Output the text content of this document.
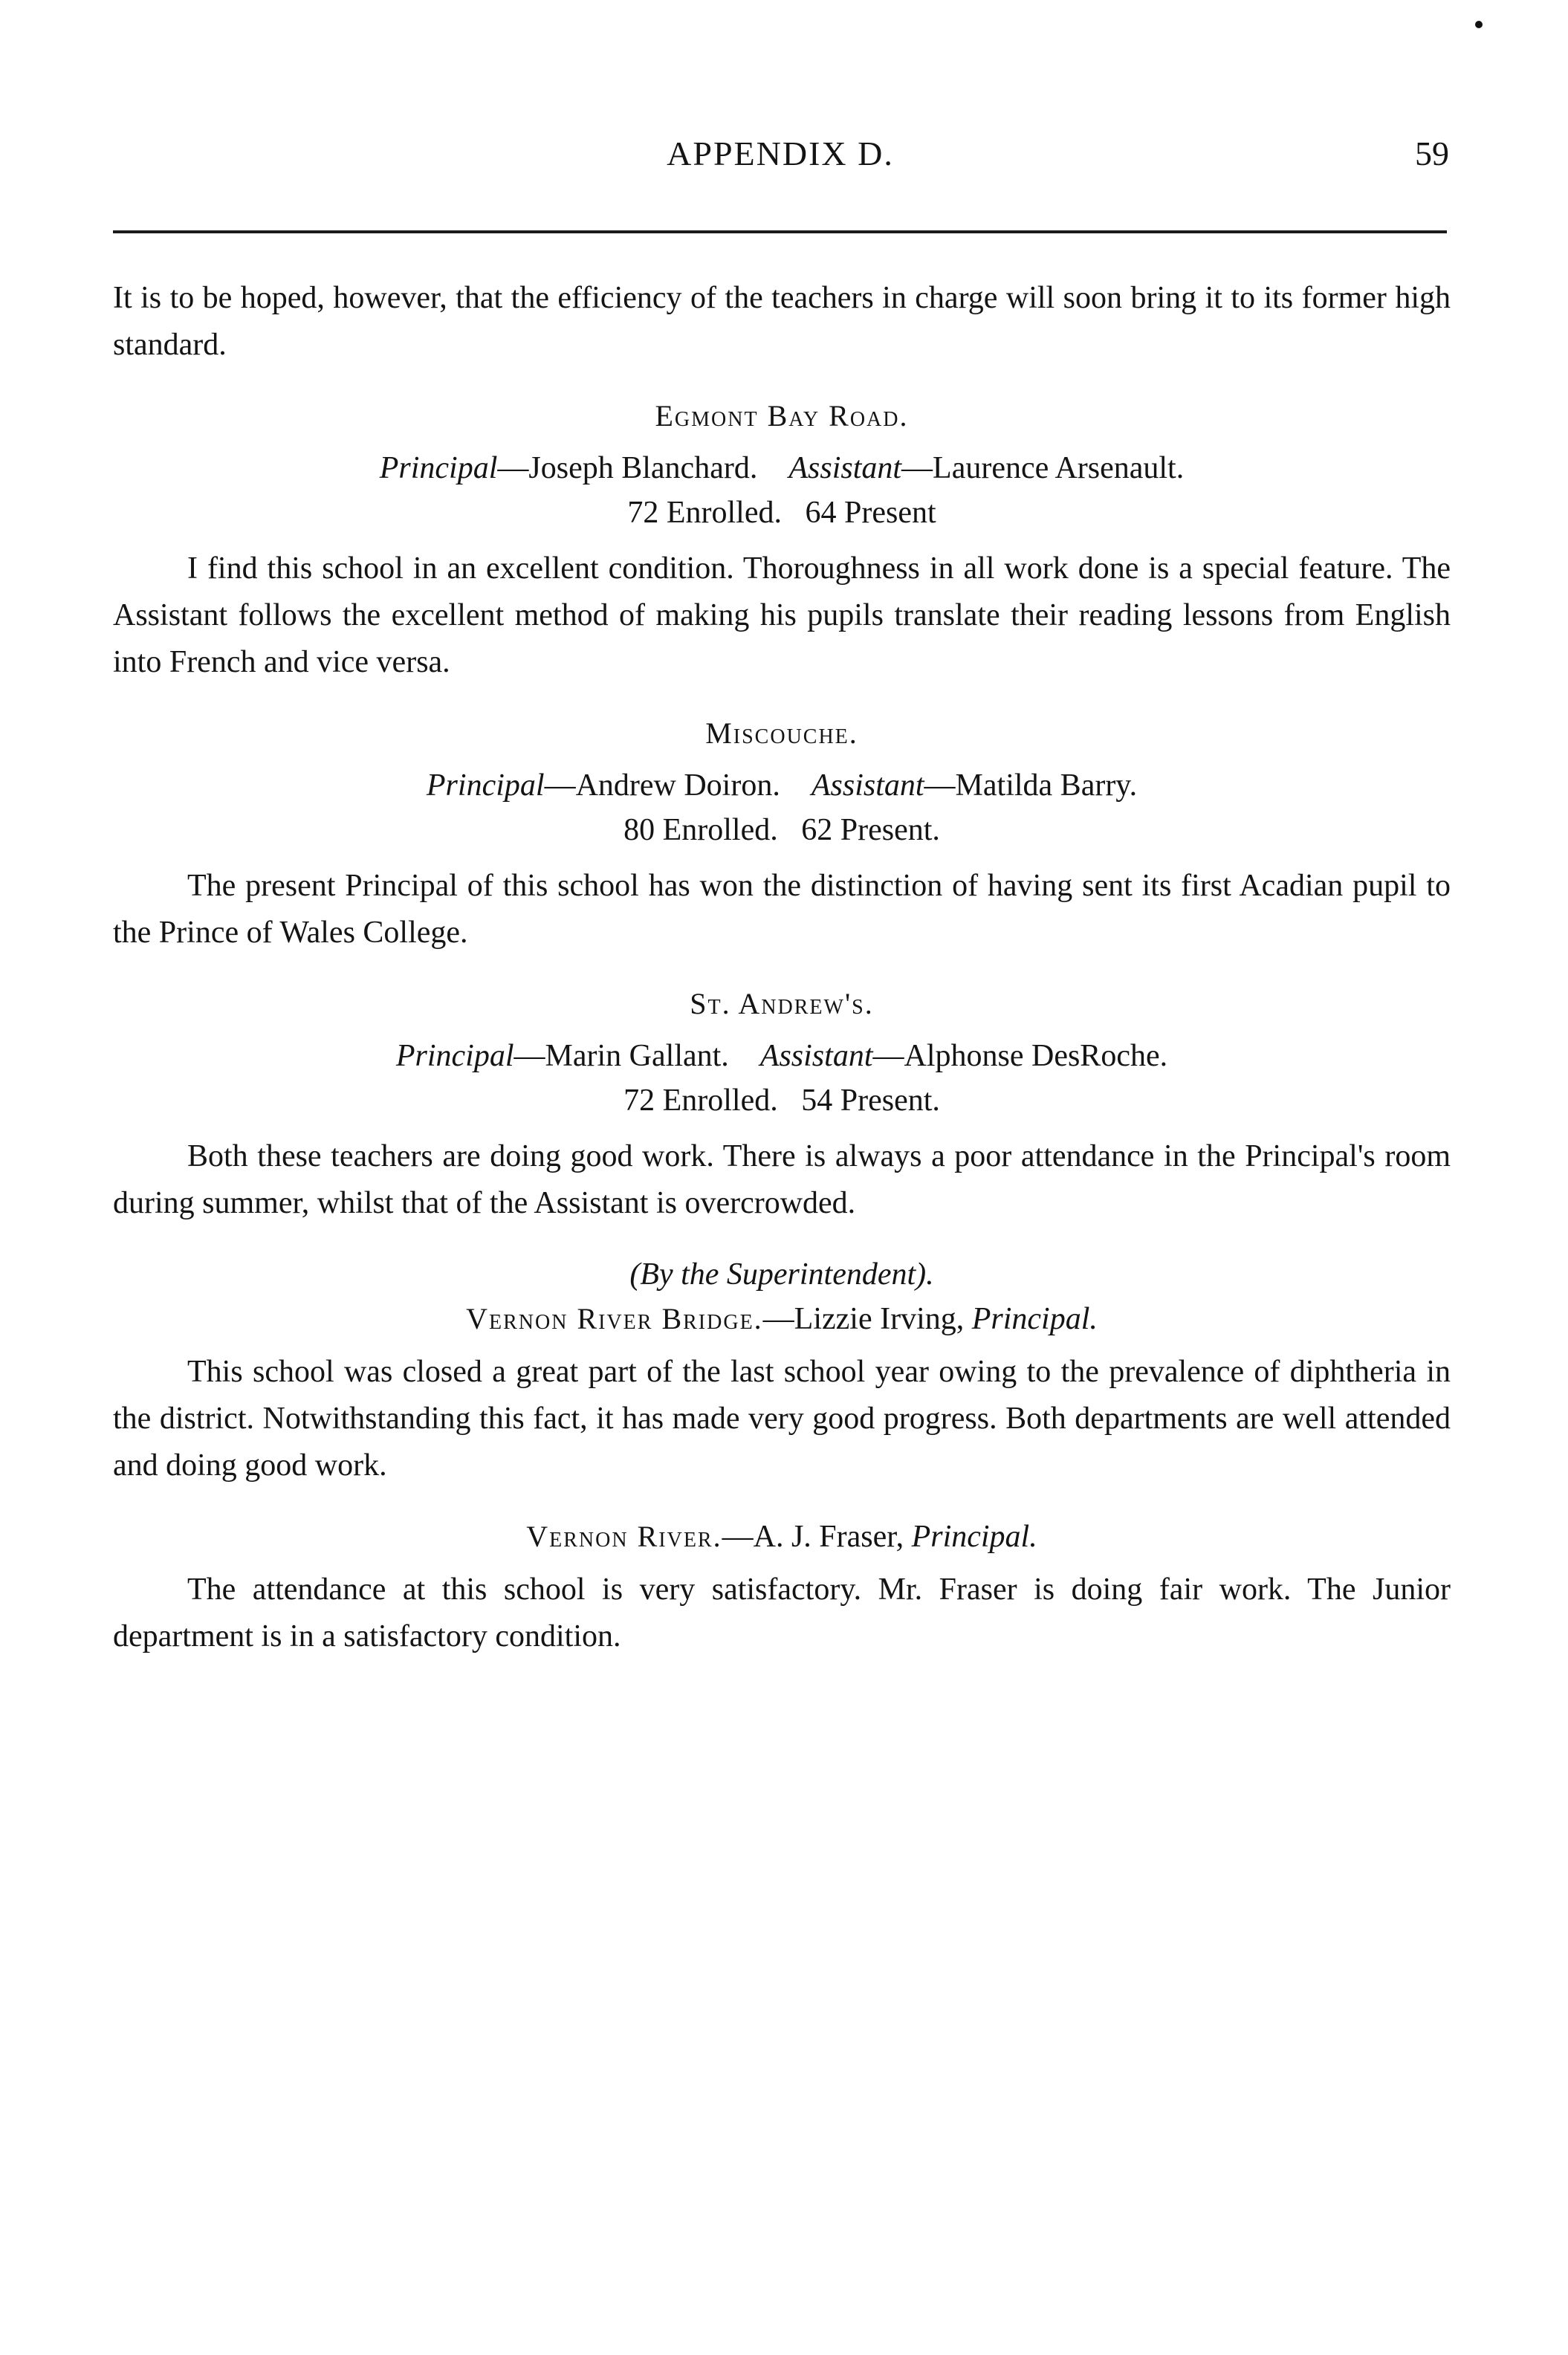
APPENDIX D.	59

It is to be hoped, however, that the efficiency of the teachers in charge will soon bring it to its former high standard.

Egmont Bay Road.

Principal—Joseph Blanchard. Assistant—Laurence Arsenault.

72 Enrolled. 64 Present

I find this school in an excellent condition. Thoroughness in all work done is a special feature. The Assistant follows the excellent method of making his pupils translate their reading lessons from English into French and vice versa.

Miscouche.

Principal—Andrew Doiron. Assistant—Matilda Barry.

80 Enrolled. 62 Present.

The present Principal of this school has won the distinction of having sent its first Acadian pupil to the Prince of Wales College.

St. Andrew's.

Principal—Marin Gallant. Assistant—Alphonse DesRoche.

72 Enrolled. 54 Present.

Both these teachers are doing good work. There is always a poor attendance in the Principal's room during summer, whilst that of the Assistant is overcrowded.

(By the Superintendent).

Vernon River Bridge.—Lizzie Irving, Principal.

This school was closed a great part of the last school year owing to the prevalence of diphtheria in the district. Notwithstanding this fact, it has made very good progress. Both departments are well attended and doing good work.

Vernon River.—A. J. Fraser, Principal.

The attendance at this school is very satisfactory. Mr. Fraser is doing fair work. The Junior department is in a satisfactory condition.
